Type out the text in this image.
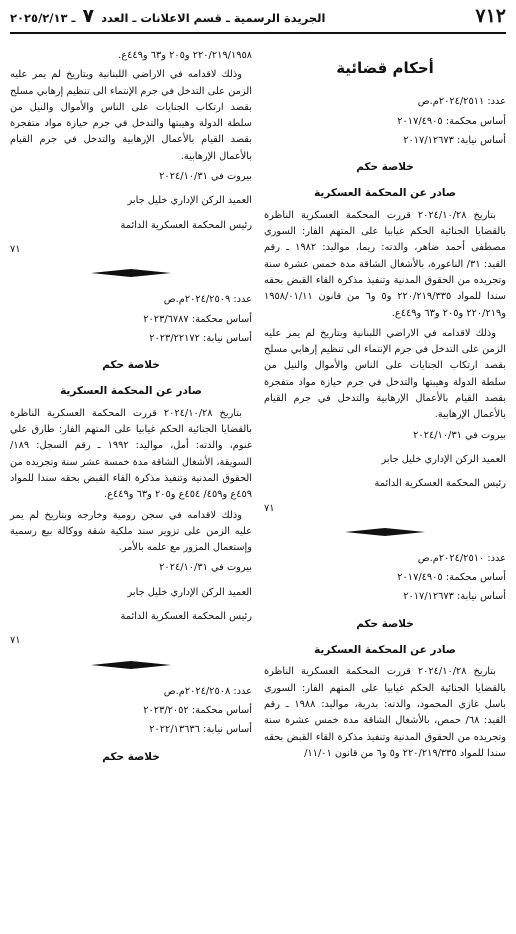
٧١٢
الجريدة الرسمية ـ قسم الاعلانات ـ العدد ٧ ـ ٢٠٢٥/٢/١٣
أحكام قضائية
عدد: ٢٠٢٤/٢٥١١م.ص
أساس محكمة: ٢٠١٧/٤٩٠٥
أساس نيابة: ٢٠١٧/١٢٦٧٣
خلاصة حكم
صادر عن المحكمة العسكرية
بتاريخ ٢٠٢٤/١٠/٢٨ قررت المحكمة العسكرية الناظرة بالقضايا الجنائية الحكم غيابيا على المتهم الفار: السوري مصطفى أحمد ضاهر، والدته: ريما، مواليد: ١٩٨٢ ـ رقم القيد: ٣١/ الناعورة، بالأشغال الشاقة مدة خمس عشرة سنة وتجريده من الحقوق المدنية وتنفيذ مذكرة القاء القبض بحقه سندا للمواد ٢٢٠/٢١٩/٣٣٥ و٥ و٦ من قانون ١٩٥٨/٠١/١١ و٢٢٠/٢١٩ و٢٠٥ و٦٣ و٤٤٩ع.
وذلك لاقدامه في الاراضي اللبنانية وبتاريخ لم يمر عليه الزمن على التدخل في جرم الإنتماء الى تنظيم إرهابي مسلح بقصد ارتكاب الجنايات على الناس والأموال والنيل من سلطة الدولة وهيبتها والتدخل في جرم حيازة مواد متفجرة بقصد القيام بالأعمال الإرهابية والتدخل في جرم القيام بالأعمال الإرهابية.
بيروت في ٢٠٢٤/١٠/٣١
العميد الركن الإداري خليل جابر
رئيس المحكمة العسكرية الدائمة
٧١
عدد: ٢٠٢٤/٢٥١٠م.ص
أساس محكمة: ٢٠١٧/٤٩٠٥
أساس نيابة: ٢٠١٧/١٢٦٧٣
خلاصة حكم
صادر عن المحكمة العسكرية
بتاريخ ٢٠٢٤/١٠/٢٨ قررت المحكمة العسكرية الناظرة بالقضايا الجنائية الحكم غيابيا على المتهم الفار: السوري باسل غازي المحمود، والدته: بدرية، مواليد: ١٩٨٨ ـ رقم القيد: ٦٨/ حمص، بالأشغال الشاقة مدة خمس عشرة سنة وتجريده من الحقوق المدنية وتنفيذ مذكرة القاء القبض بحقه سندا للمواد ٢٢٠/٢١٩/٣٣٥ و٥ و٦ من قانون ١١/٠١/
٢٢٠/٢١٩/١٩٥٨ و٢٠٥ و٦٣ و٤٤٩ع.
وذلك لاقدامه في الاراضي اللبنانية وبتاريخ لم يمر عليه الزمن على التدخل في جرم الإنتماء الى تنظيم إرهابي مسلح بقصد ارتكاب الجنايات على الناس والأموال والنيل من سلطة الدولة وهيبتها والتدخل في جرم حيازة مواد متفجرة بقصد القيام بالأعمال الإرهابية والتدخل في جرم القيام بالأعمال الإرهابية.
بيروت في ٢٠٢٤/١٠/٣١
العميد الركن الإداري خليل جابر
رئيس المحكمة العسكرية الدائمة
٧١
عدد: ٢٠٢٤/٢٥٠٩م.ص
أساس محكمة: ٢٠٢٣/٦٧٨٧
أساس نيابة: ٢٠٢٣/٢٢١٧٢
خلاصة حكم
صادر عن المحكمة العسكرية
بتاريخ ٢٠٢٤/١٠/٢٨ قررت المحكمة العسكرية الناظرة بالقضايا الجنائية الحكم غيابيا على المتهم الفار: طارق علي غنوم، والدته: أمل، مواليد: ١٩٩٢ ـ رقم السجل: ١٨٩/ السويقة، الأشغال الشاقة مدة خمسة عشر سنة وتجريده من الحقوق المدنية وتنفيذ مذكرة القاء القبض بحقه سندا للمواد ٤٥٩ع و٤٥٩/ ٤٥٤ع و٢٠٥ و٦٣ و٤٤٩ع.
وذلك لاقدامه في سجن رومية وخارجه وبتاريخ لم يمر عليه الزمن على تزوير سند ملكية شقة ووكالة بيع رسمية وإستعمال المزور مع علمه بالأمر.
بيروت في ٢٠٢٤/١٠/٣١
العميد الركن الإداري خليل جابر
رئيس المحكمة العسكرية الدائمة
٧١
عدد: ٢٠٢٤/٢٥٠٨م.ص
أساس محكمة: ٢٠٢٣/٢٠٥٢
أساس نيابة: ٢٠٢٢/١٣٦٣٦
خلاصة حكم
